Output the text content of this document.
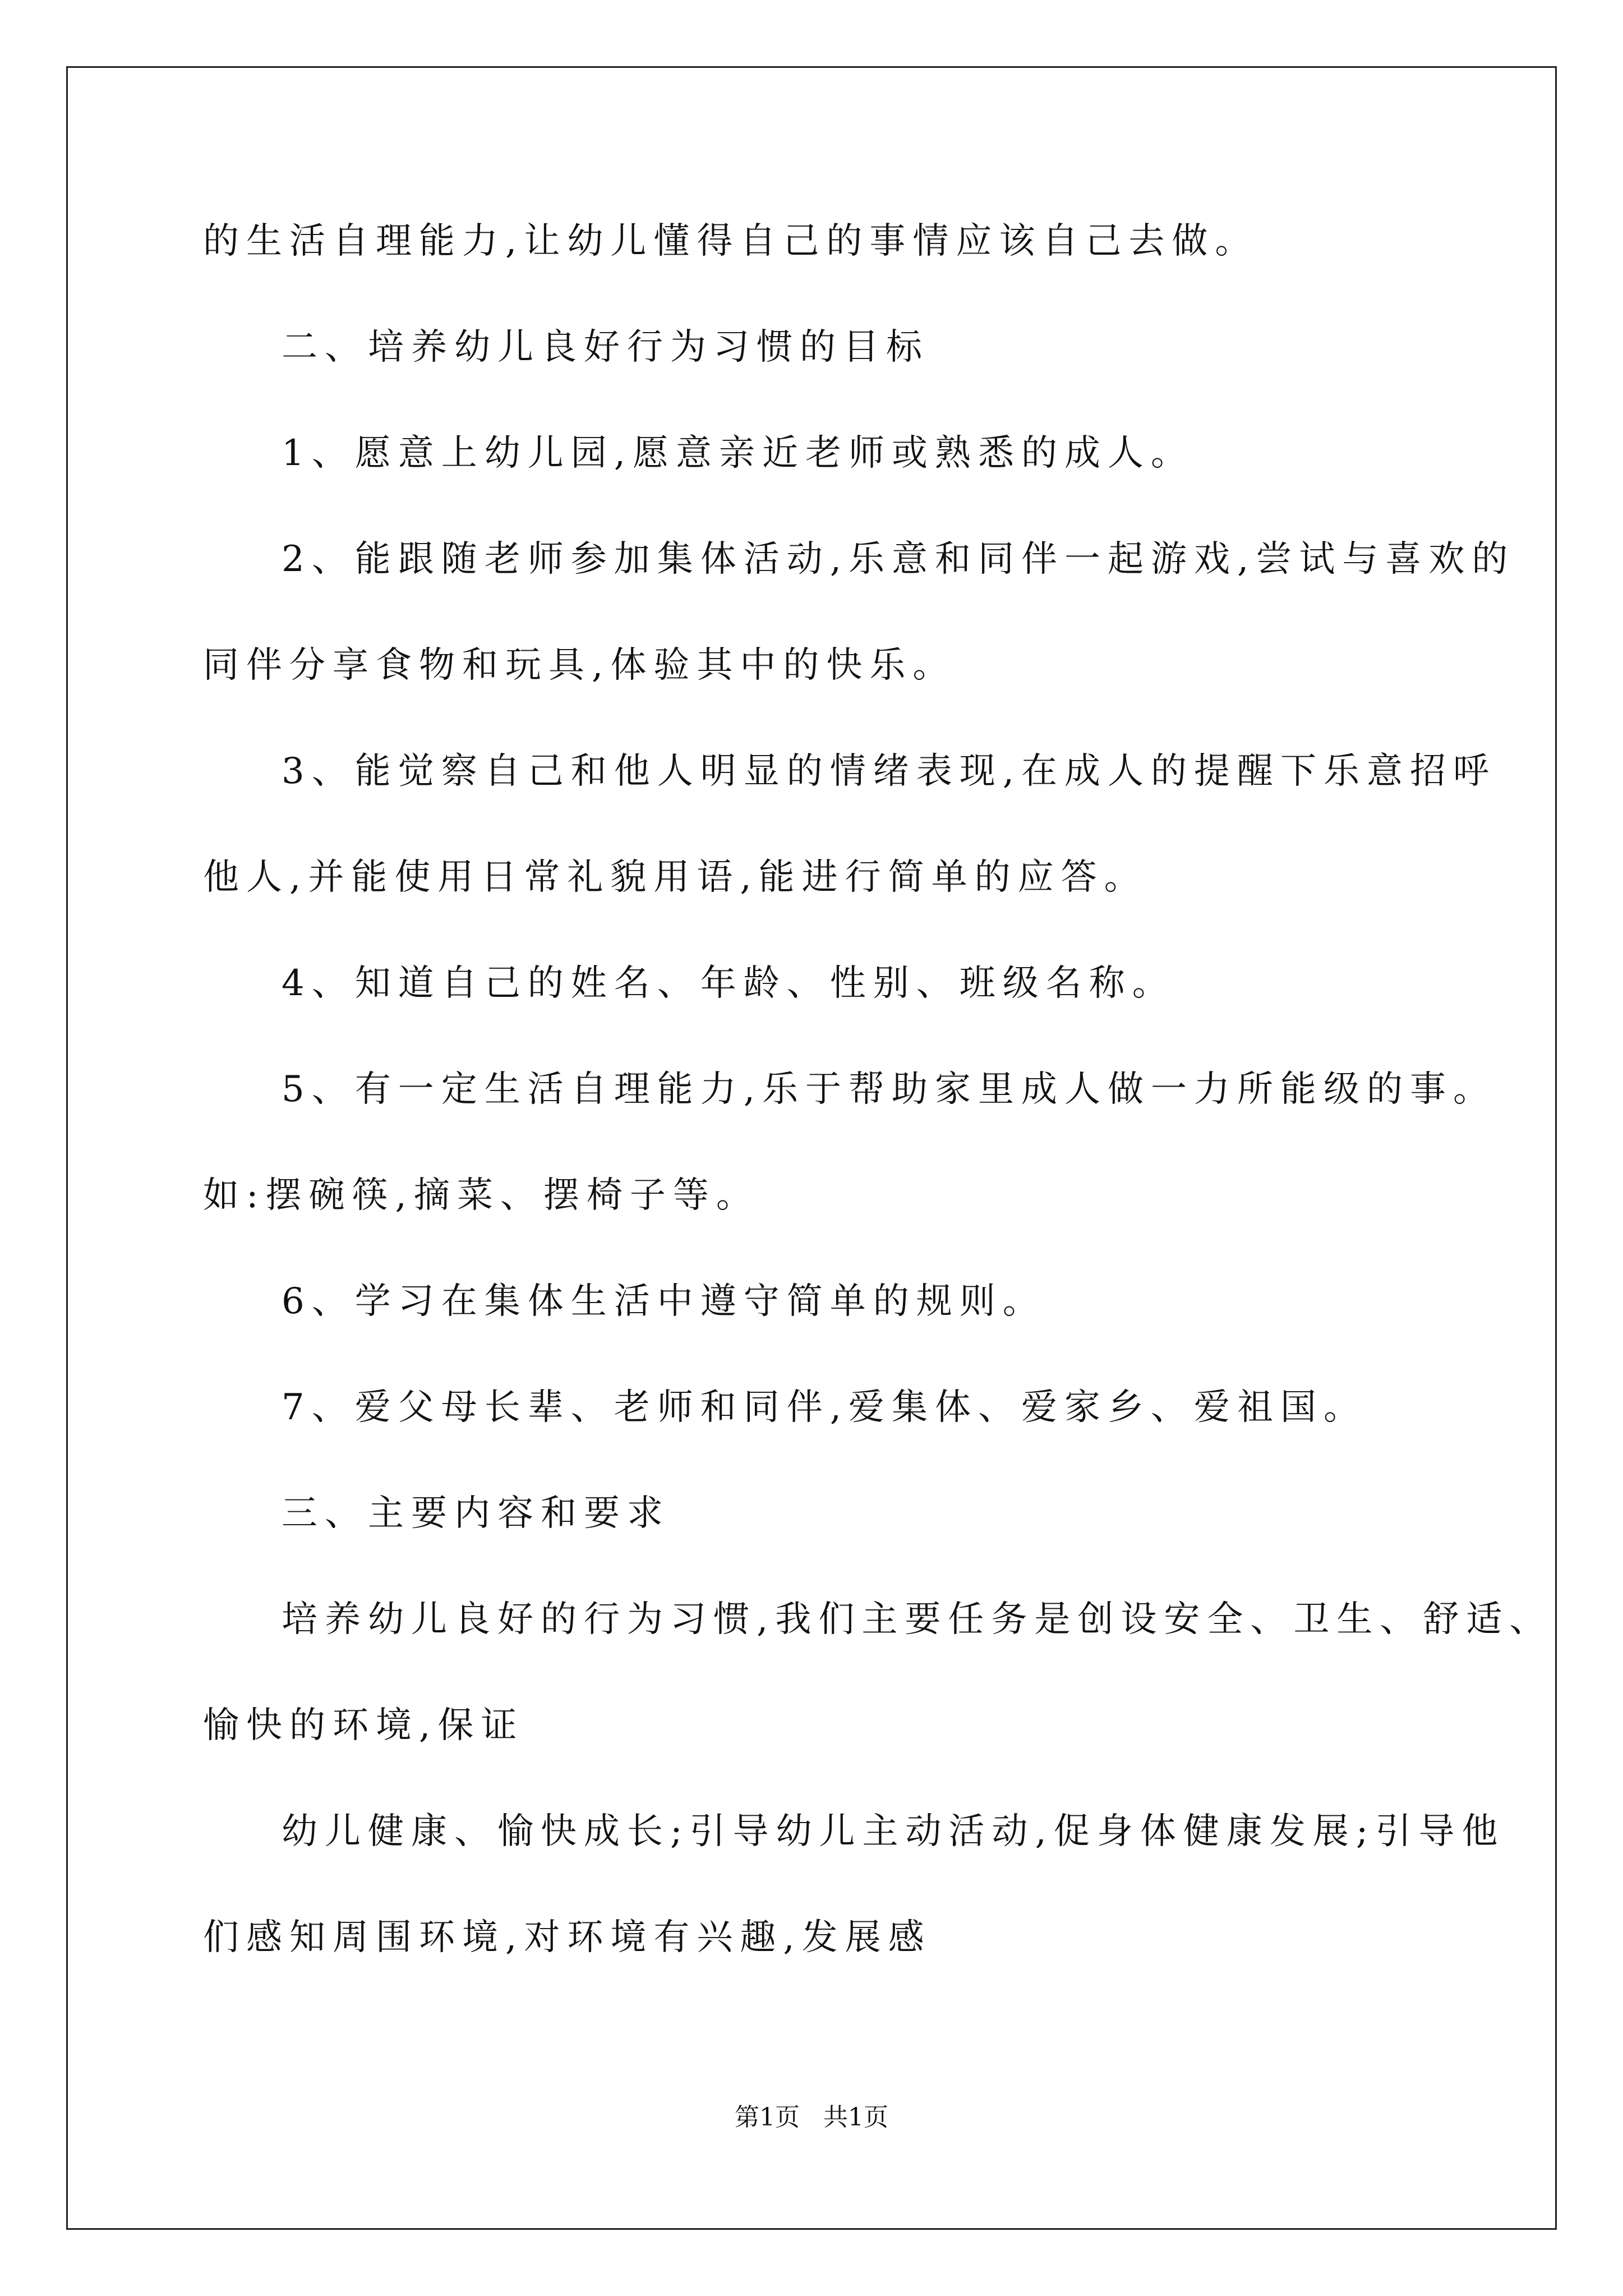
的生活自理能力,让幼儿懂得自己的事情应该自己去做。
二、培养幼儿良好行为习惯的目标
1、愿意上幼儿园,愿意亲近老师或熟悉的成人。
2、能跟随老师参加集体活动,乐意和同伴一起游戏,尝试与喜欢的
同伴分享食物和玩具,体验其中的快乐。
3、能觉察自己和他人明显的情绪表现,在成人的提醒下乐意招呼
他人,并能使用日常礼貌用语,能进行简单的应答。
4、知道自己的姓名、年龄、性别、班级名称。
5、有一定生活自理能力,乐于帮助家里成人做一力所能级的事。
如:摆碗筷,摘菜、摆椅子等。
6、学习在集体生活中遵守简单的规则。
7、爱父母长辈、老师和同伴,爱集体、爱家乡、爱祖国。
三、主要内容和要求
培养幼儿良好的行为习惯,我们主要任务是创设安全、卫生、舒适、
愉快的环境,保证
幼儿健康、愉快成长;引导幼儿主动活动,促身体健康发展;引导他
们感知周围环境,对环境有兴趣,发展感
第1页   共1页
